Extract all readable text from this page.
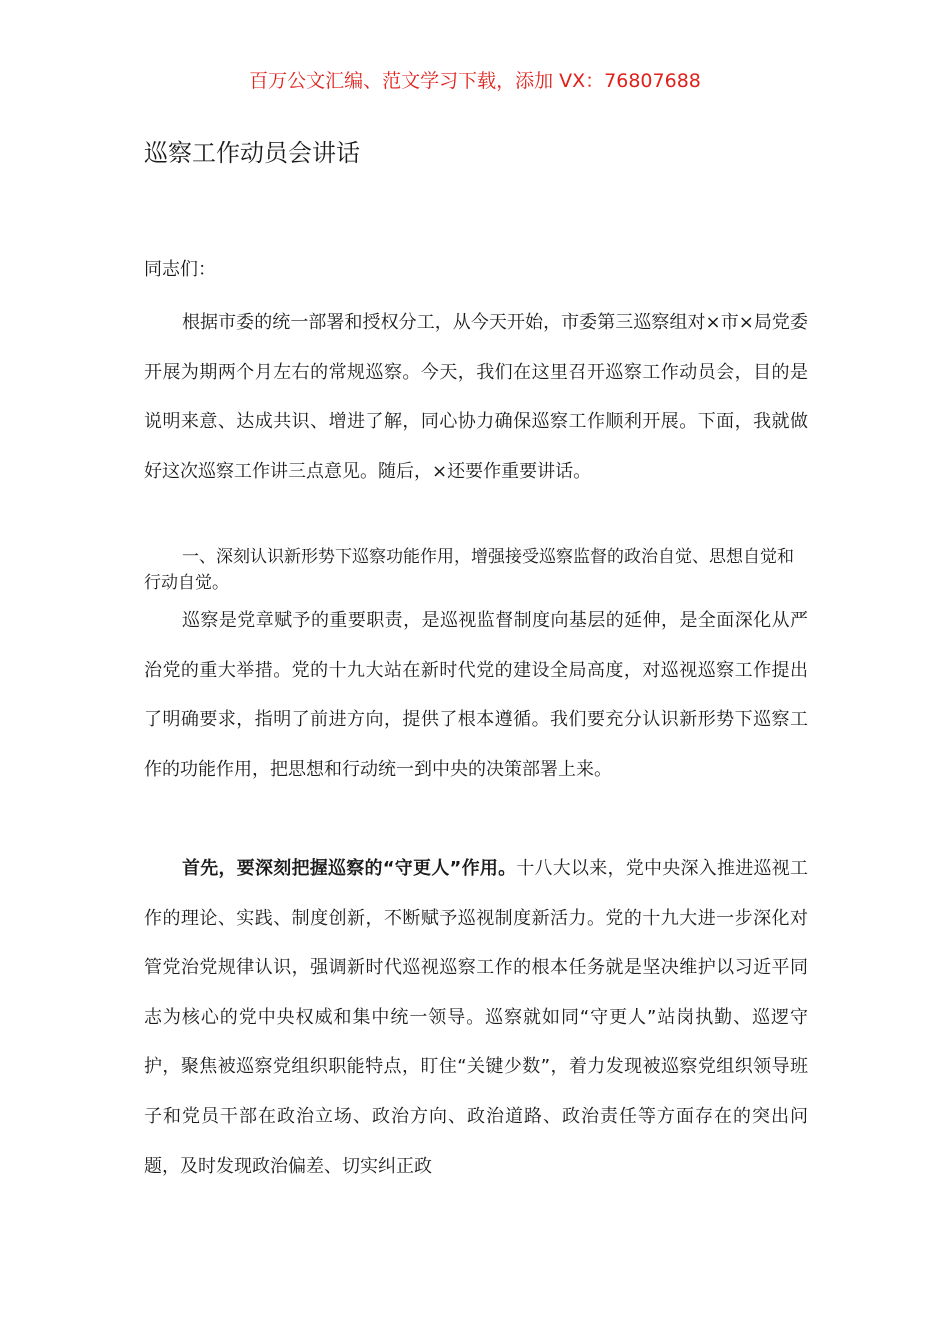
百万公文汇编、范文学习下载，添加 VX：76807688
巡察工作动员会讲话
同志们：

根据市委的统一部署和授权分工，从今天开始，市委第三巡察组对×市×局党委开展为期两个月左右的常规巡察。今天，我们在这里召开巡察工作动员会，目的是说明来意、达成共识、增进了解，同心协力确保巡察工作顺利开展。下面，我就做好这次巡察工作讲三点意见。随后，×还要作重要讲话。

一、深刻认识新形势下巡察功能作用，增强接受巡察监督的政治自觉、思想自觉和行动自觉。

巡察是党章赋予的重要职责，是巡视监督制度向基层的延伸，是全面深化从严治党的重大举措。党的十九大站在新时代党的建设全局高度，对巡视巡察工作提出了明确要求，指明了前进方向，提供了根本遵循。我们要充分认识新形势下巡察工作的功能作用，把思想和行动统一到中央的决策部署上来。

首先，要深刻把握巡察的“守更人”作用。十八大以来，党中央深入推进巡视工作的理论、实践、制度创新，不断赋予巡视制度新活力。党的十九大进一步深化对管党治党规律认识，强调新时代巡视巡察工作的根本任务就是坚决维护以习近平同志为核心的党中央权威和集中统一领导。巡察就如同“守更人”站岗执勤、巡逻守护，聚焦被巡察党组织职能特点，盯住“关键少数”，着力发现被巡察党组织领导班子和党员干部在政治立场、政治方向、政治道路、政治责任等方面存在的突出问题，及时发现政治偏差、切实纠正政
